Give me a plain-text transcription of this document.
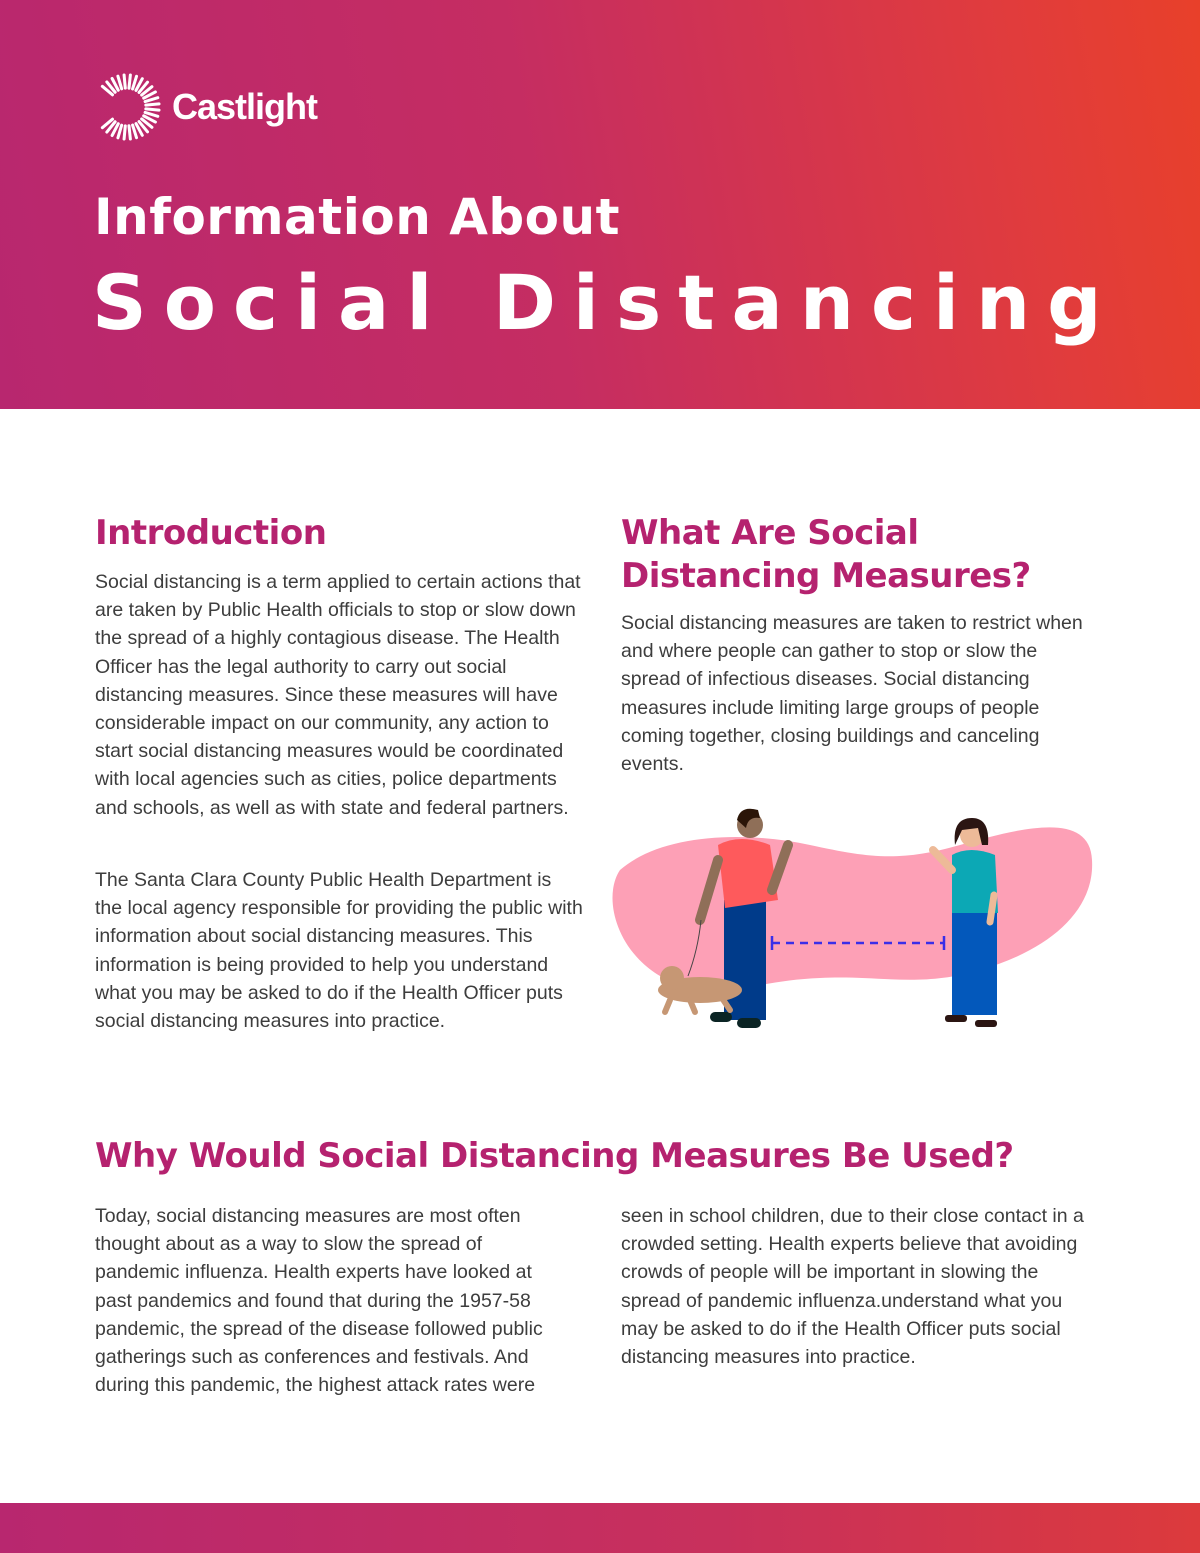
Castlight
Information About
Social Distancing
Introduction

Social distancing is a term applied to certain actions that are taken by Public Health officials to stop or slow down the spread of a highly contagious disease. The Health Officer has the legal authority to carry out social distancing measures. Since these measures will have considerable impact on our community, any action to start social distancing measures would be coordinated with local agencies such as cities, police departments and schools, as well as with state and federal partners.

The Santa Clara County Public Health Department is the local agency responsible for providing the public with information about social distancing measures. This information is being provided to help you understand what you may be asked to do if the Health Officer puts social distancing measures into practice.

What Are Social Distancing Measures?

Social distancing measures are taken to restrict when and where people can gather to stop or slow the spread of infectious diseases. Social distancing measures include limiting large groups of people coming together, closing buildings and canceling events.

Why Would Social Distancing Measures Be Used?

Today, social distancing measures are most often thought about as a way to slow the spread of pandemic influenza. Health experts have looked at past pandemics and found that during the 1957-58 pandemic, the spread of the disease followed public gatherings such as conferences and festivals. And during this pandemic, the highest attack rates were

seen in school children, due to their close contact in a crowded setting. Health experts believe that avoiding crowds of people will be important in slowing the spread of pandemic influenza.understand what you may be asked to do if the Health Officer puts social distancing measures into practice.
